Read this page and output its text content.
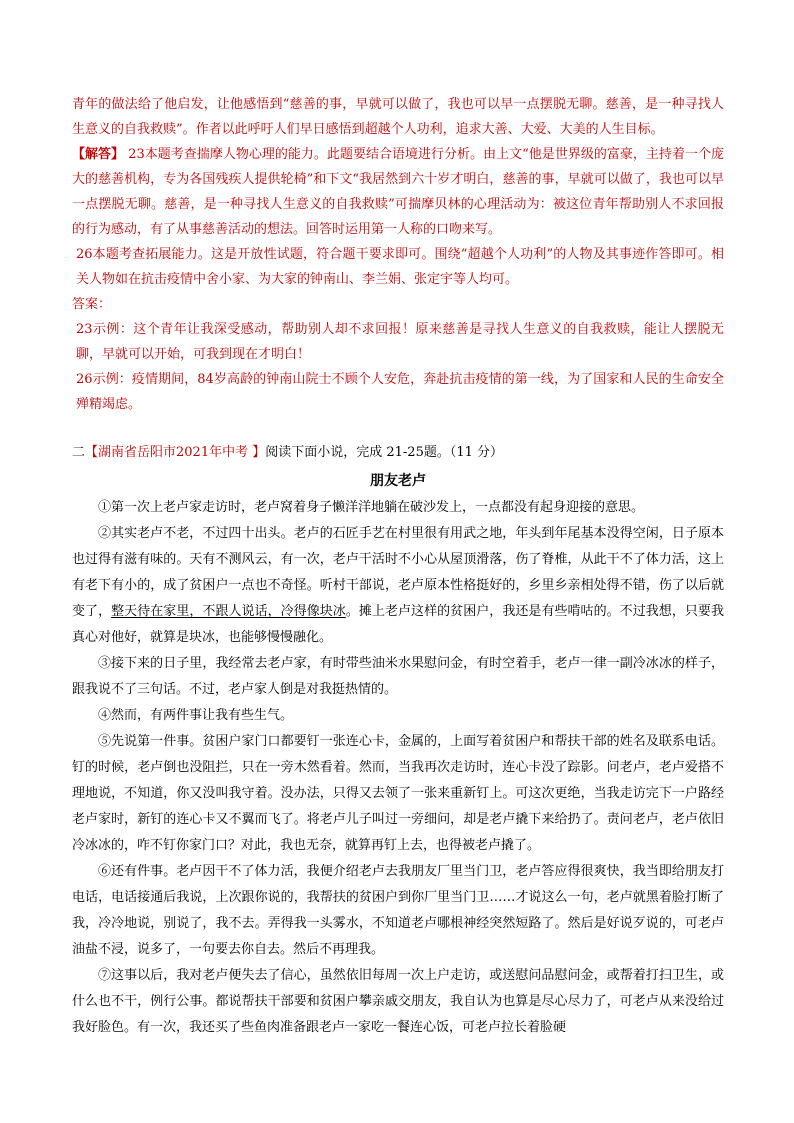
青年的做法给了他启发，让他感悟到“慈善的事，早就可以做了，我也可以早一点摆脱无聊。慈善，是一种寻找人生意义的自我救赎”。作者以此呼吁人们早日感悟到超越个人功利，追求大善、大爱、大美的人生目标。

【解答】 23本题考查揣摩人物心理的能力。此题要结合语境进行分析。由上文“他是世界级的富豪，主持着一个庞大的慈善机构，专为各国残疾人提供轮椅”和下文“我居然到六十岁才明白，慈善的事，早就可以做了，我也可以早一点摆脱无聊。慈善，是一种寻找人生意义的自我救赎”可揣摩贝林的心理活动为：被这位青年帮助别人不求回报的行为感动，有了从事慈善活动的想法。回答时运用第一人称的口吻来写。

26本题考查拓展能力。这是开放性试题，符合题干要求即可。围绕“超越个人功利”的人物及其事迹作答即可。相关人物如在抗击疫情中舍小家、为大家的钟南山、李兰娟、张定宇等人均可。

答案：

23示例：这个青年让我深受感动，帮助别人却不求回报！原来慈善是寻找人生意义的自我救赎，能让人摆脱无聊，早就可以开始，可我到现在才明白！

26示例：疫情期间，84岁高龄的钟南山院士不顾个人安危，奔赴抗击疫情的第一线，为了国家和人民的生命安全殚精竭虑。

二【湖南省岳阳市2021年中考 】阅读下面小说，完成 21-25题。（11 分）

朋友老卢

①第一次上老卢家走访时，老卢窝着身子懒洋洋地躺在破沙发上，一点都没有起身迎接的意思。

②其实老卢不老，不过四十出头。老卢的石匠手艺在村里很有用武之地，年头到年尾基本没得空闲，日子原本也过得有滋有味的。天有不测风云，有一次，老卢干活时不小心从屋顶滑落，伤了脊椎，从此干不了体力活，这上有老下有小的，成了贫困户一点也不奇怪。听村干部说，老卢原本性格挺好的，乡里乡亲相处得不错，伤了以后就变了，整天待在家里，不跟人说话，冷得像块冰。摊上老卢这样的贫困户，我还是有些啃咕的。不过我想，只要我真心对他好，就算是块冰，也能够慢慢融化。

③接下来的日子里，我经常去老卢家，有时带些油米水果慰问金，有时空着手，老卢一律一副冷冰冰的样子，跟我说不了三句话。不过，老卢家人倒是对我挺热情的。

④然而，有两件事让我有些生气。

⑤先说第一件事。贫困户家门口都要钉一张连心卡，金属的，上面写着贫困户和帮扶干部的姓名及联系电话。钉的时候，老卢倒也没阻拦，只在一旁木然看着。然而，当我再次走访时，连心卡没了踪影。问老卢，老卢爱搭不理地说，不知道，你又没叫我守着。没办法，只得又去领了一张来重新钉上。可这次更绝，当我走访完下一户路经老卢家时，新钉的连心卡又不翼而飞了。将老卢儿子叫过一旁细问，却是老卢撬下来给扔了。责问老卢，老卢依旧冷冰冰的，咋不钉你家门口？对此，我也无奈，就算再钉上去，也得被老卢撬了。

⑥还有件事。老卢因干不了体力活，我便介绍老卢去我朋友厂里当门卫，老卢答应得很爽快，我当即给朋友打电话，电话接通后我说，上次跟你说的，我帮扶的贫困户到你厂里当门卫……才说这么一句，老卢就黑着脸打断了我，冷冷地说，别说了，我不去。弄得我一头雾水，不知道老卢哪根神经突然短路了。然后是好说歹说的，可老卢油盐不浸，说多了，一句要去你自去。然后不再理我。

⑦这事以后，我对老卢便失去了信心，虽然依旧每周一次上户走访，或送慰问品慰问金，或帮着打扫卫生，或什么也不干，例行公事。都说帮扶干部要和贫困户攀亲戚交朋友，我自认为也算是尽心尽力了，可老卢从来没给过我好脸色。有一次，我还买了些鱼肉准备跟老卢一家吃一餐连心饭，可老卢拉长着脸硬
